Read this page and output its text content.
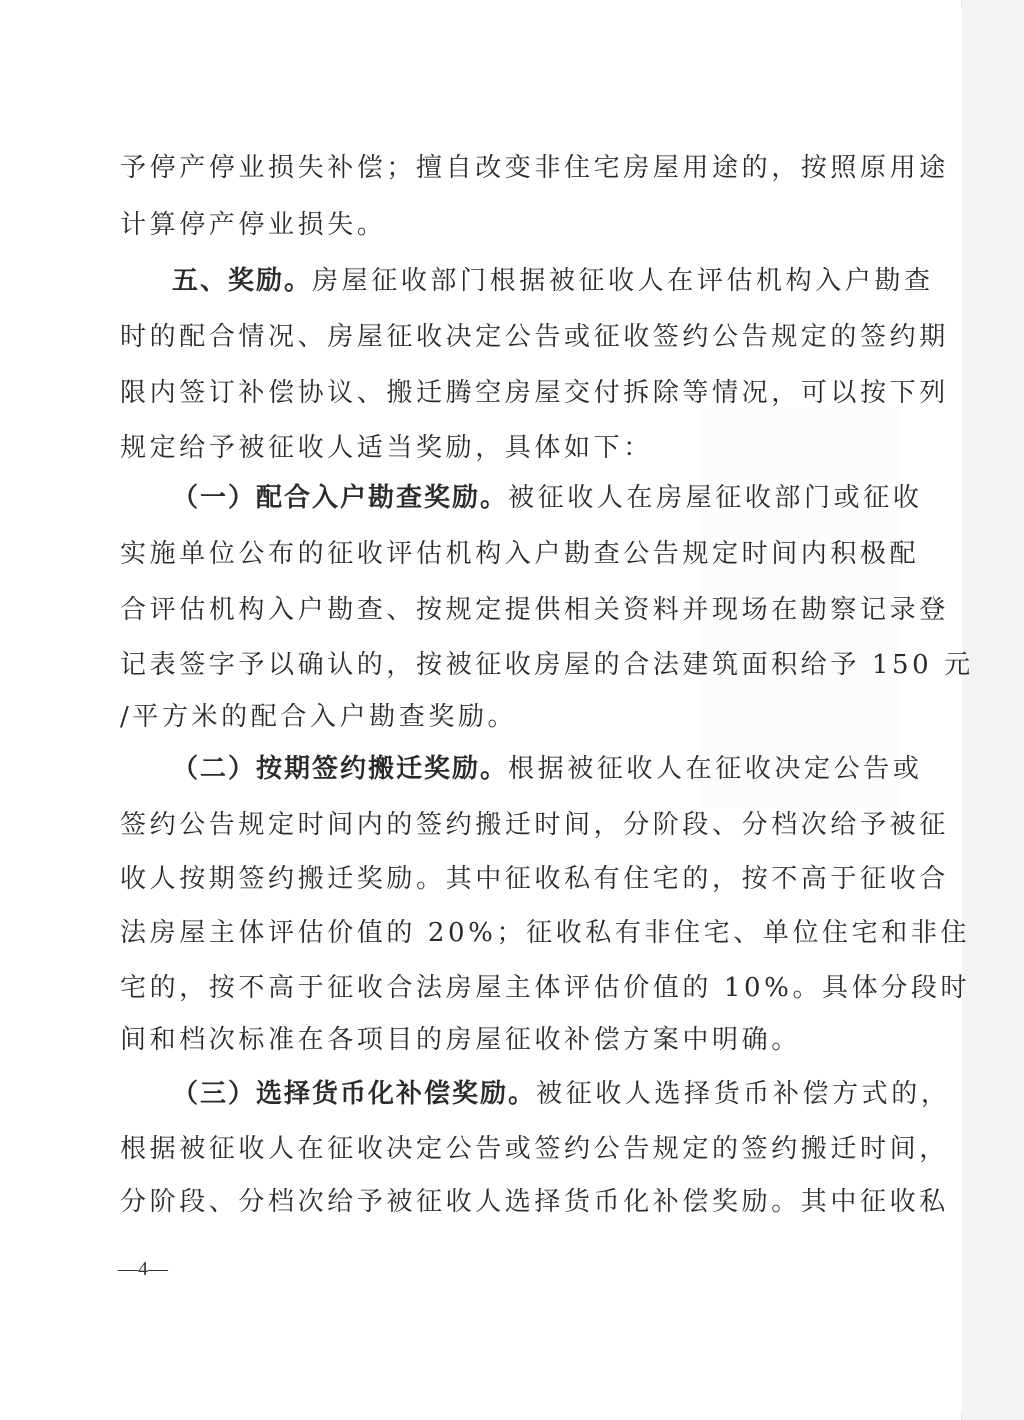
予停产停业损失补偿；擅自改变非住宅房屋用途的，按照原用途
计算停产停业损失。
五、奖励。房屋征收部门根据被征收人在评估机构入户勘查
时的配合情况、房屋征收决定公告或征收签约公告规定的签约期
限内签订补偿协议、搬迁腾空房屋交付拆除等情况，可以按下列
规定给予被征收人适当奖励，具体如下：
（一）配合入户勘查奖励。被征收人在房屋征收部门或征收
实施单位公布的征收评估机构入户勘查公告规定时间内积极配
合评估机构入户勘查、按规定提供相关资料并现场在勘察记录登
记表签字予以确认的，按被征收房屋的合法建筑面积给予 150 元
/平方米的配合入户勘查奖励。
（二）按期签约搬迁奖励。根据被征收人在征收决定公告或
签约公告规定时间内的签约搬迁时间，分阶段、分档次给予被征
收人按期签约搬迁奖励。其中征收私有住宅的，按不高于征收合
法房屋主体评估价值的 20%；征收私有非住宅、单位住宅和非住
宅的，按不高于征收合法房屋主体评估价值的 10%。具体分段时
间和档次标准在各项目的房屋征收补偿方案中明确。
（三）选择货币化补偿奖励。被征收人选择货币补偿方式的，
根据被征收人在征收决定公告或签约公告规定的签约搬迁时间，
分阶段、分档次给予被征收人选择货币化补偿奖励。其中征收私
—4—
